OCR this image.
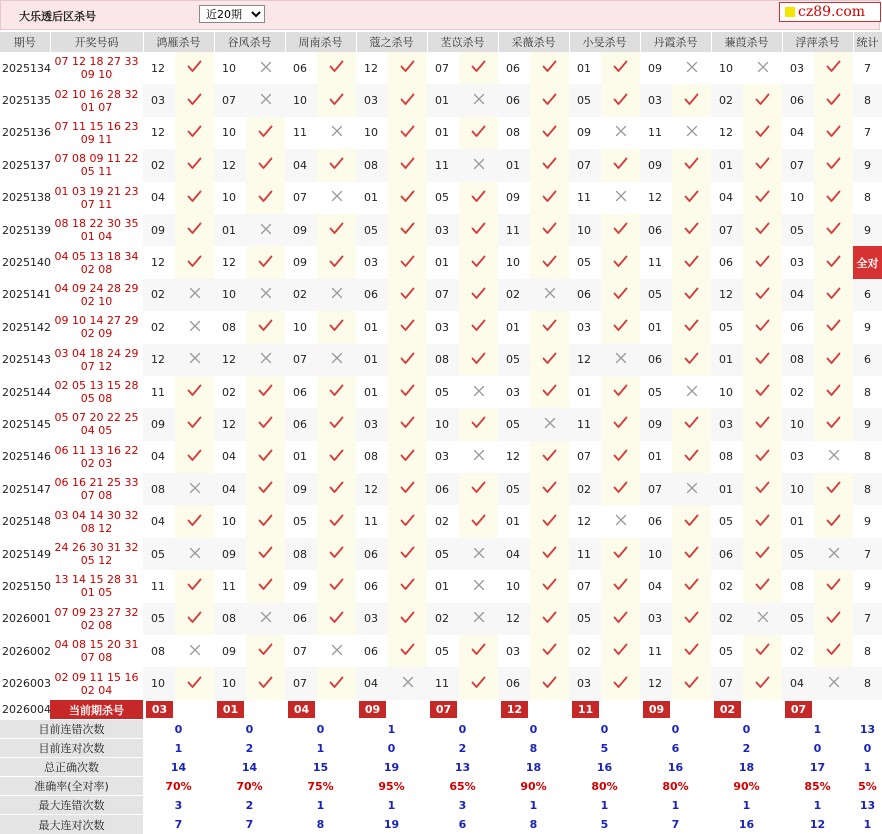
大乐透后区杀号
近20期	cz89.com
期号	开奖号码	鸿雁杀号		谷风杀号		周南杀号		蔻之杀号		苤苡杀号		采薇杀号		小旻杀号		丹霞杀号		蒹葭杀号		浮萍杀号		统计
2025134	07 12 18 27 33
09 10	12		10		06		12		07		06		01		09		10		03		7
2025135	02 10 16 28 32
01 07	03		07		10		03		01		06		05		03		02		06		8
2025136	07 11 15 16 23
09 11	12		10		11		10		01		08		09		11		12		04		7
2025137	07 08 09 11 22
05 11	02		12		04		08		11		01		07		09		01		07		9
2025138	01 03 19 21 23
07 11	04		10		07		01		05		09		11		12		04		10		8
2025139	08 18 22 30 35
01 04	09		01		09		05		03		11		10		06		07		05		9
2025140	04 05 13 18 34
02 08	12		12		09		03		01		10		05		11		06		03		全对
2025141	04 09 24 28 29
02 10	02		10		02		06		07		02		06		05		12		04		6
2025142	09 10 14 27 29
02 09	02		08		10		01		03		01		03		01		05		06		9
2025143	03 04 18 24 29
07 12	12		12		07		01		08		05		12		06		01		08		6
2025144	02 05 13 15 28
05 08	11		02		06		01		05		03		01		05		10		02		8
2025145	05 07 20 22 25
04 05	09		12		06		03		10		05		11		09		03		10		9
2025146	06 11 13 16 22
02 03	04		04		01		08		03		12		07		01		08		03		8
2025147	06 16 21 25 33
07 08	08		04		09		12		06		05		02		07		01		10		8
2025148	03 04 14 30 32
08 12	04		10		05		11		02		01		12		06		05		01		9
2025149	24 26 30 31 32
05 12	05		09		08		06		05		04		11		10		06		05		7
2025150	13 14 15 28 31
01 05	11		11		09		06		01		10		07		04		02		08		9
2026001	07 09 23 27 32
02 08	05		08		06		03		02		12		05		03		02		05		7
2026002	04 08 15 20 31
07 08	08		09		07		06		05		03		02		11		05		02		8
2026003	02 09 11 15 16
02 04	10		10		07		04		11		06		03		12		07		04		8
2026004	当前期杀号	03		01		04		09		07		12		11		09		02		07		
目前连错次数		0		0		0		1		0		0		0		0		0		1		13
目前连对次数		1		2		1		0		2		8		5		6		2		0		0
总正确次数		14		14		15		19		13		18		16		16		18		17		1
准确率(全对率)		70%		70%		75%		95%		65%		90%		80%		80%		90%		85%		5%
最大连错次数		3		2		1		1		3		1		1		1		1		1		13
最大连对次数		7		7		8		19		6		8		5		7		16		12		1
